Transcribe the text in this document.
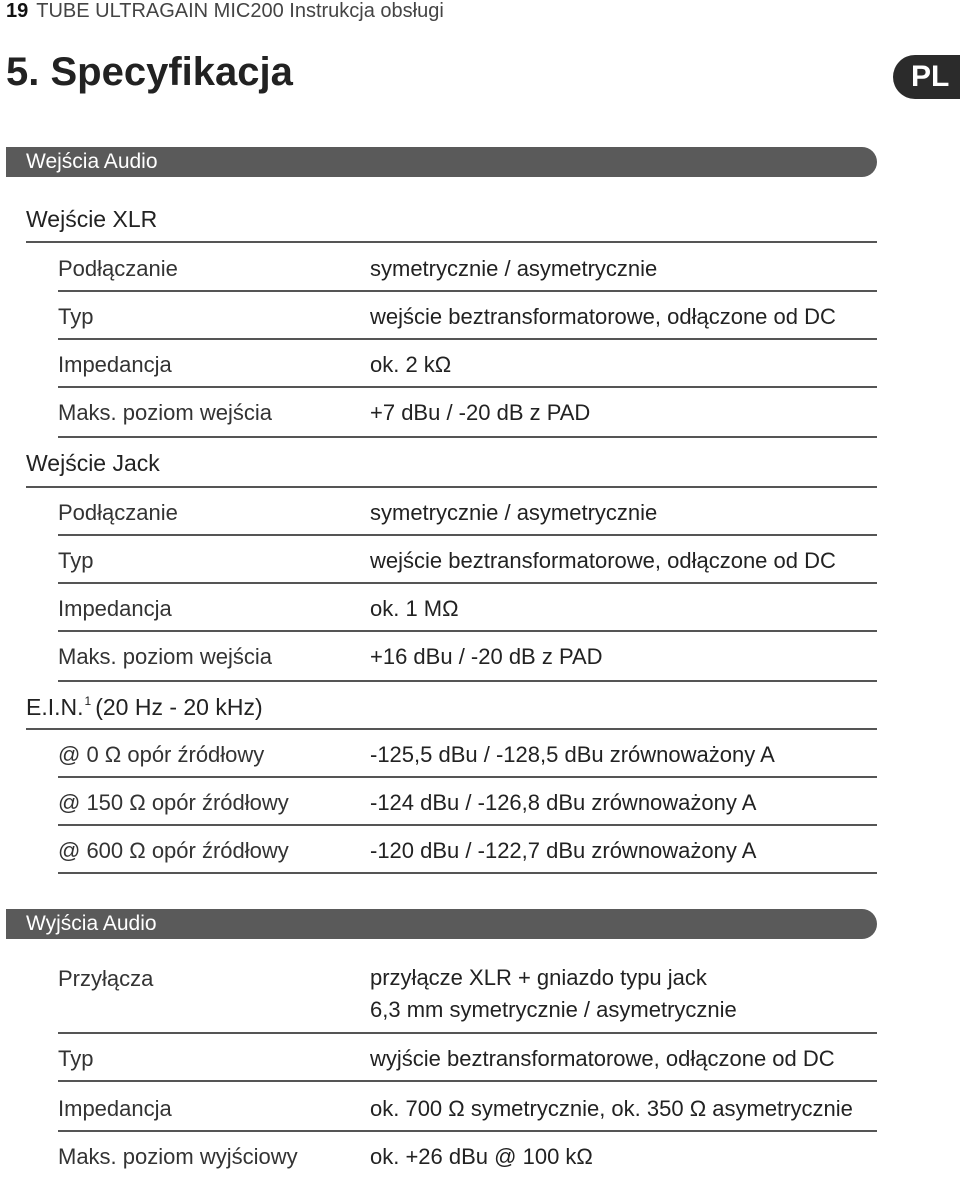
19 TUBE ULTRAGAIN MIC200 Instrukcja obsługi
5. Specyfikacja	PL
Wejścia Audio
Wejście XLR
Podłączanie	symetrycznie / asymetrycznie
Typ	wejście beztransformatorowe, odłączone od DC
Impedancja	ok. 2 kΩ
Maks. poziom wejścia	+7 dBu / -20 dB z PAD
Wejście Jack
Podłączanie	symetrycznie / asymetrycznie
Typ	wejście beztransformatorowe, odłączone od DC
Impedancja	ok. 1 MΩ
Maks. poziom wejścia	+16 dBu / -20 dB z PAD
E.I.N.$^1$ (20 Hz - 20 kHz)
@ 0 Ω opór źródłowy	-125,5 dBu / -128,5 dBu zrównoważony A
@ 150 Ω opór źródłowy	-124 dBu / -126,8 dBu zrównoważony A
@ 600 Ω opór źródłowy	-120 dBu / -122,7 dBu zrównoważony A
Wyjścia Audio
Przyłącza	przyłącze XLR + gniazdo typu jack
6,3 mm symetrycznie / asymetrycznie
Typ	wyjście beztransformatorowe, odłączone od DC
Impedancja	ok. 700 Ω symetrycznie, ok. 350 Ω asymetrycznie
Maks. poziom wyjściowy	ok. +26 dBu @ 100 kΩ
